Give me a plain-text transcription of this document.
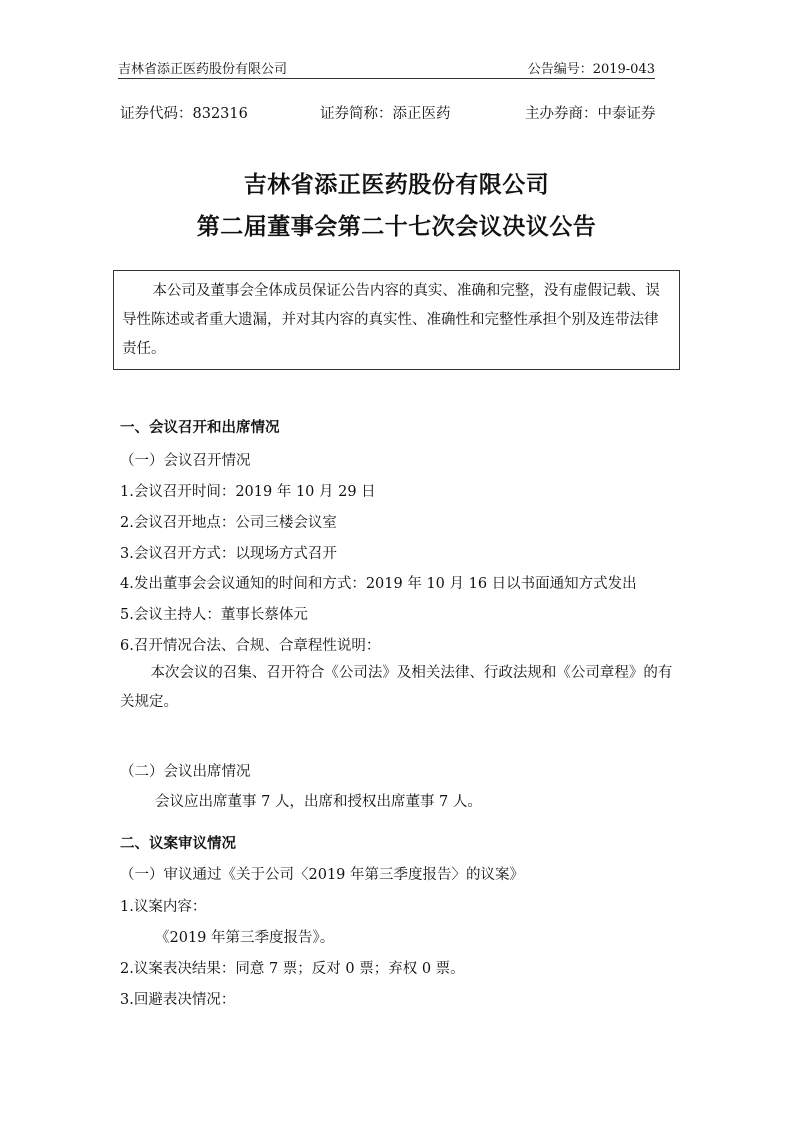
吉林省添正医药股份有限公司	公告编号：2019-043
证券代码：832316	证券简称：添正医药	主办券商：中泰证券
吉林省添正医药股份有限公司
第二届董事会第二十七次会议决议公告
本公司及董事会全体成员保证公告内容的真实、准确和完整，没有虚假记载、误导性陈述或者重大遗漏，并对其内容的真实性、准确性和完整性承担个别及连带法律责任。
一、会议召开和出席情况
（一）会议召开情况
1.会议召开时间：2019 年 10 月 29 日
2.会议召开地点：公司三楼会议室
3.会议召开方式：以现场方式召开
4.发出董事会会议通知的时间和方式：2019 年 10 月 16 日以书面通知方式发出
5.会议主持人：董事长蔡体元
6.召开情况合法、合规、合章程性说明：
本次会议的召集、召开符合《公司法》及相关法律、行政法规和《公司章程》的有关规定。
（二）会议出席情况
会议应出席董事 7 人，出席和授权出席董事 7 人。
二、议案审议情况
（一）审议通过《关于公司〈2019 年第三季度报告〉的议案》
1.议案内容：
《2019 年第三季度报告》。
2.议案表决结果：同意 7 票；反对 0 票；弃权 0 票。
3.回避表决情况：
